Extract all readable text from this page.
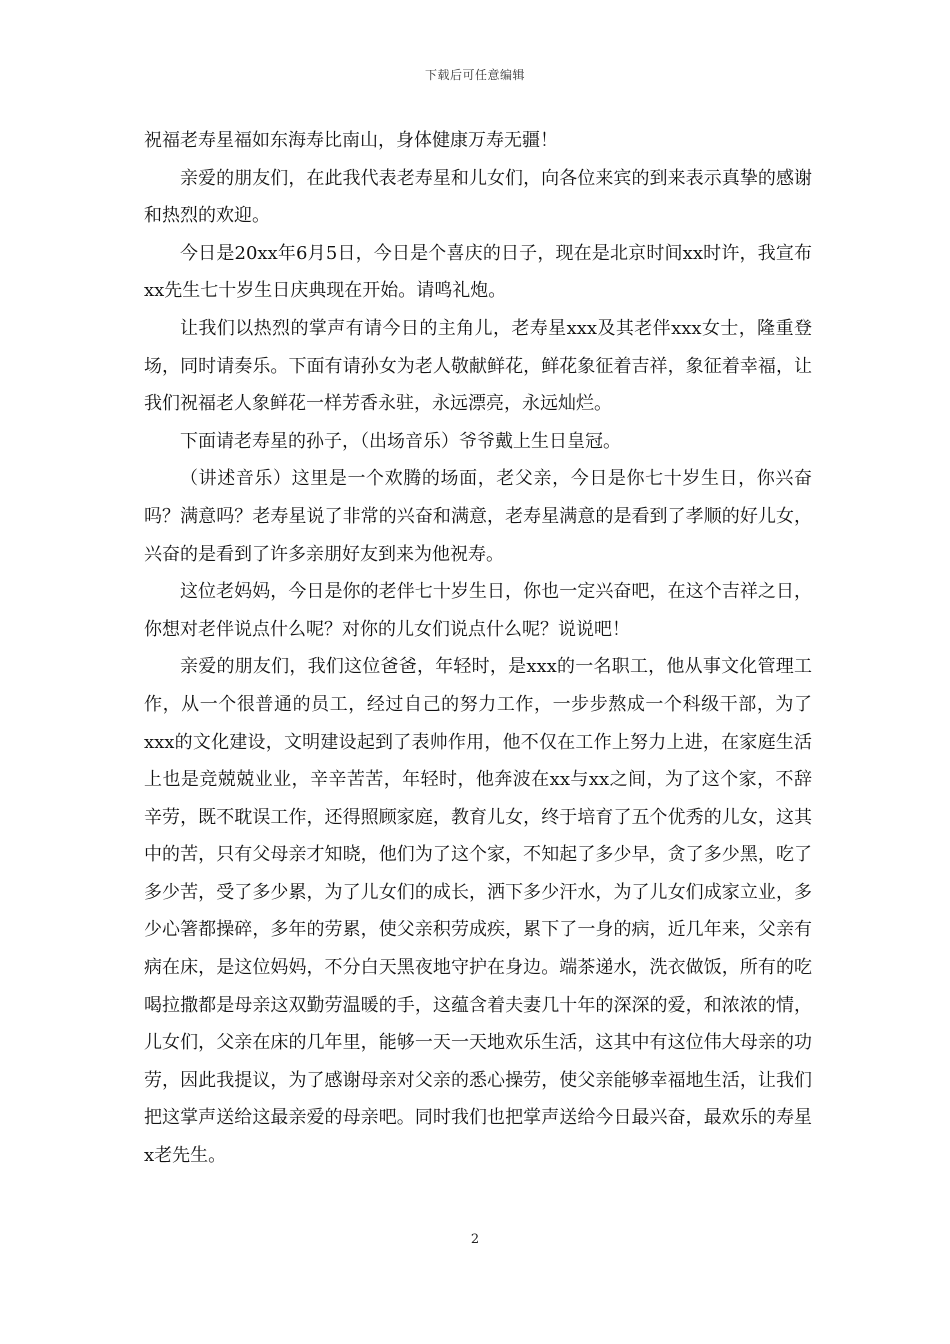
下载后可任意编辑

祝福老寿星福如东海寿比南山，身体健康万寿无疆！

亲爱的朋友们，在此我代表老寿星和儿女们，向各位来宾的到来表示真挚的感谢和热烈的欢迎。

今日是20xx年6月5日，今日是个喜庆的日子，现在是北京时间xx时许，我宣布xx先生七十岁生日庆典现在开始。请鸣礼炮。

让我们以热烈的掌声有请今日的主角儿，老寿星xxx及其老伴xxx女士，隆重登场，同时请奏乐。下面有请孙女为老人敬献鲜花，鲜花象征着吉祥，象征着幸福，让我们祝福老人象鲜花一样芳香永驻，永远漂亮，永远灿烂。

下面请老寿星的孙子，（出场音乐）爷爷戴上生日皇冠。

（讲述音乐）这里是一个欢腾的场面，老父亲，今日是你七十岁生日，你兴奋吗？满意吗？老寿星说了非常的兴奋和满意，老寿星满意的是看到了孝顺的好儿女，兴奋的是看到了许多亲朋好友到来为他祝寿。

这位老妈妈，今日是你的老伴七十岁生日，你也一定兴奋吧，在这个吉祥之日，你想对老伴说点什么呢？对你的儿女们说点什么呢？说说吧！

亲爱的朋友们，我们这位爸爸，年轻时，是xxx的一名职工，他从事文化管理工作，从一个很普通的员工，经过自己的努力工作，一步步熬成一个科级干部，为了xxx的文化建设，文明建设起到了表帅作用，他不仅在工作上努力上进，在家庭生活上也是竞兢兢业业，辛辛苦苦，年轻时，他奔波在xx与xx之间，为了这个家，不辞辛劳，既不耽误工作，还得照顾家庭，教育儿女，终于培育了五个优秀的儿女，这其中的苦，只有父母亲才知晓，他们为了这个家，不知起了多少早，贪了多少黑，吃了多少苦，受了多少累，为了儿女们的成长，洒下多少汗水，为了儿女们成家立业，多少心箸都操碎，多年的劳累，使父亲积劳成疾，累下了一身的病，近几年来，父亲有病在床，是这位妈妈，不分白天黑夜地守护在身边。端茶递水，洗衣做饭，所有的吃喝拉撒都是母亲这双勤劳温暖的手，这蕴含着夫妻几十年的深深的爱，和浓浓的情，儿女们，父亲在床的几年里，能够一天一天地欢乐生活，这其中有这位伟大母亲的功劳，因此我提议，为了感谢母亲对父亲的悉心操劳，使父亲能够幸福地生活，让我们把这掌声送给这最亲爱的母亲吧。同时我们也把掌声送给今日最兴奋，最欢乐的寿星x老先生。

2
